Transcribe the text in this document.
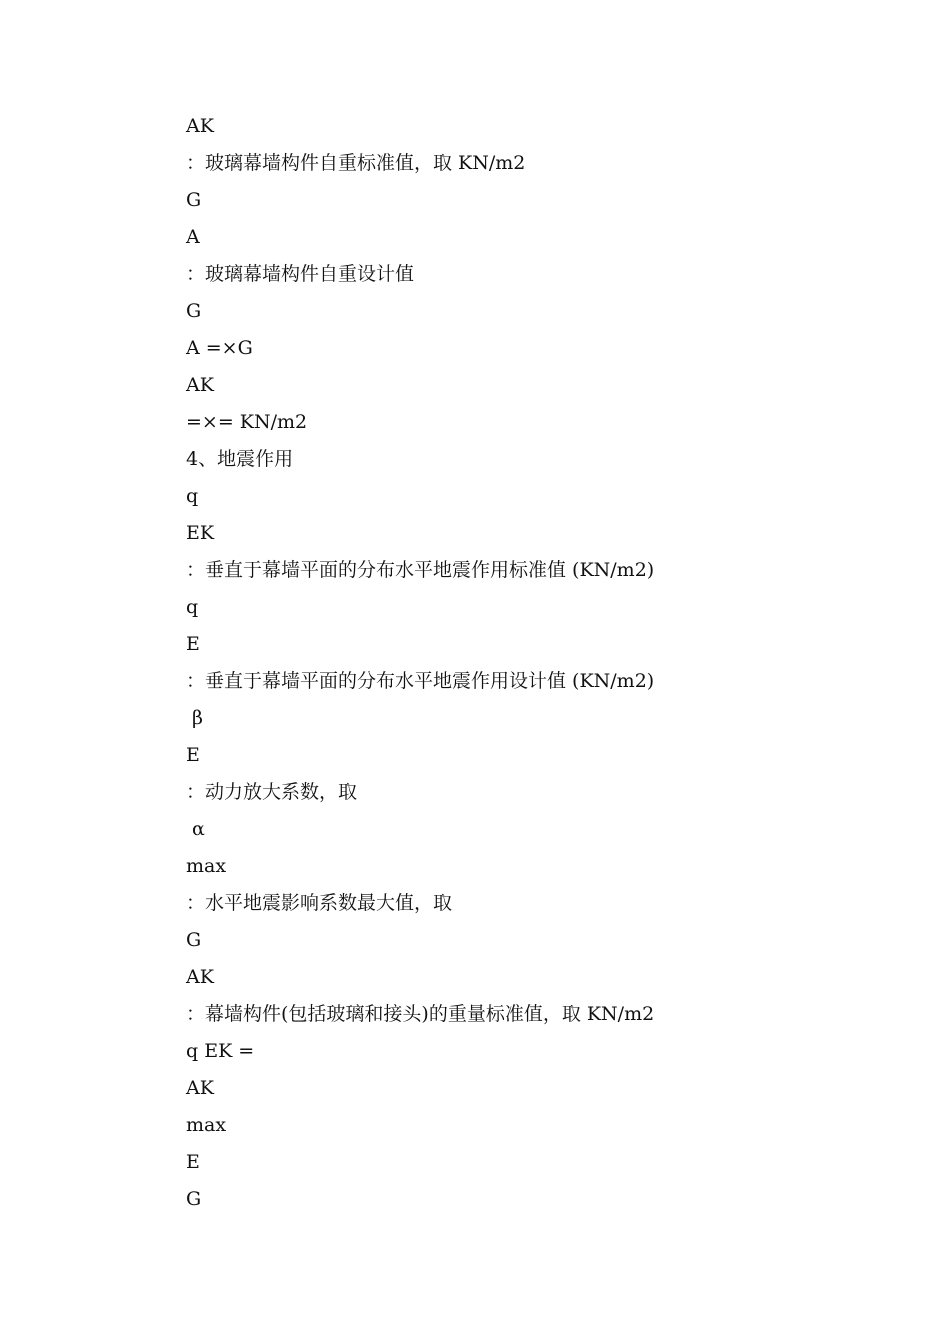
AK
：玻璃幕墙构件自重标准值，取 KN/m2
G
A
：玻璃幕墙构件自重设计值
G
A =×G
AK
=×= KN/m2
4、地震作用
q
EK
：垂直于幕墙平面的分布水平地震作用标准值 (KN/m2)
q
E
：垂直于幕墙平面的分布水平地震作用设计值 (KN/m2)
β
E
：动力放大系数，取
α
max
：水平地震影响系数最大值，取
G
AK
：幕墙构件(包括玻璃和接头)的重量标准值，取 KN/m2
q EK =
AK
max
E
G
